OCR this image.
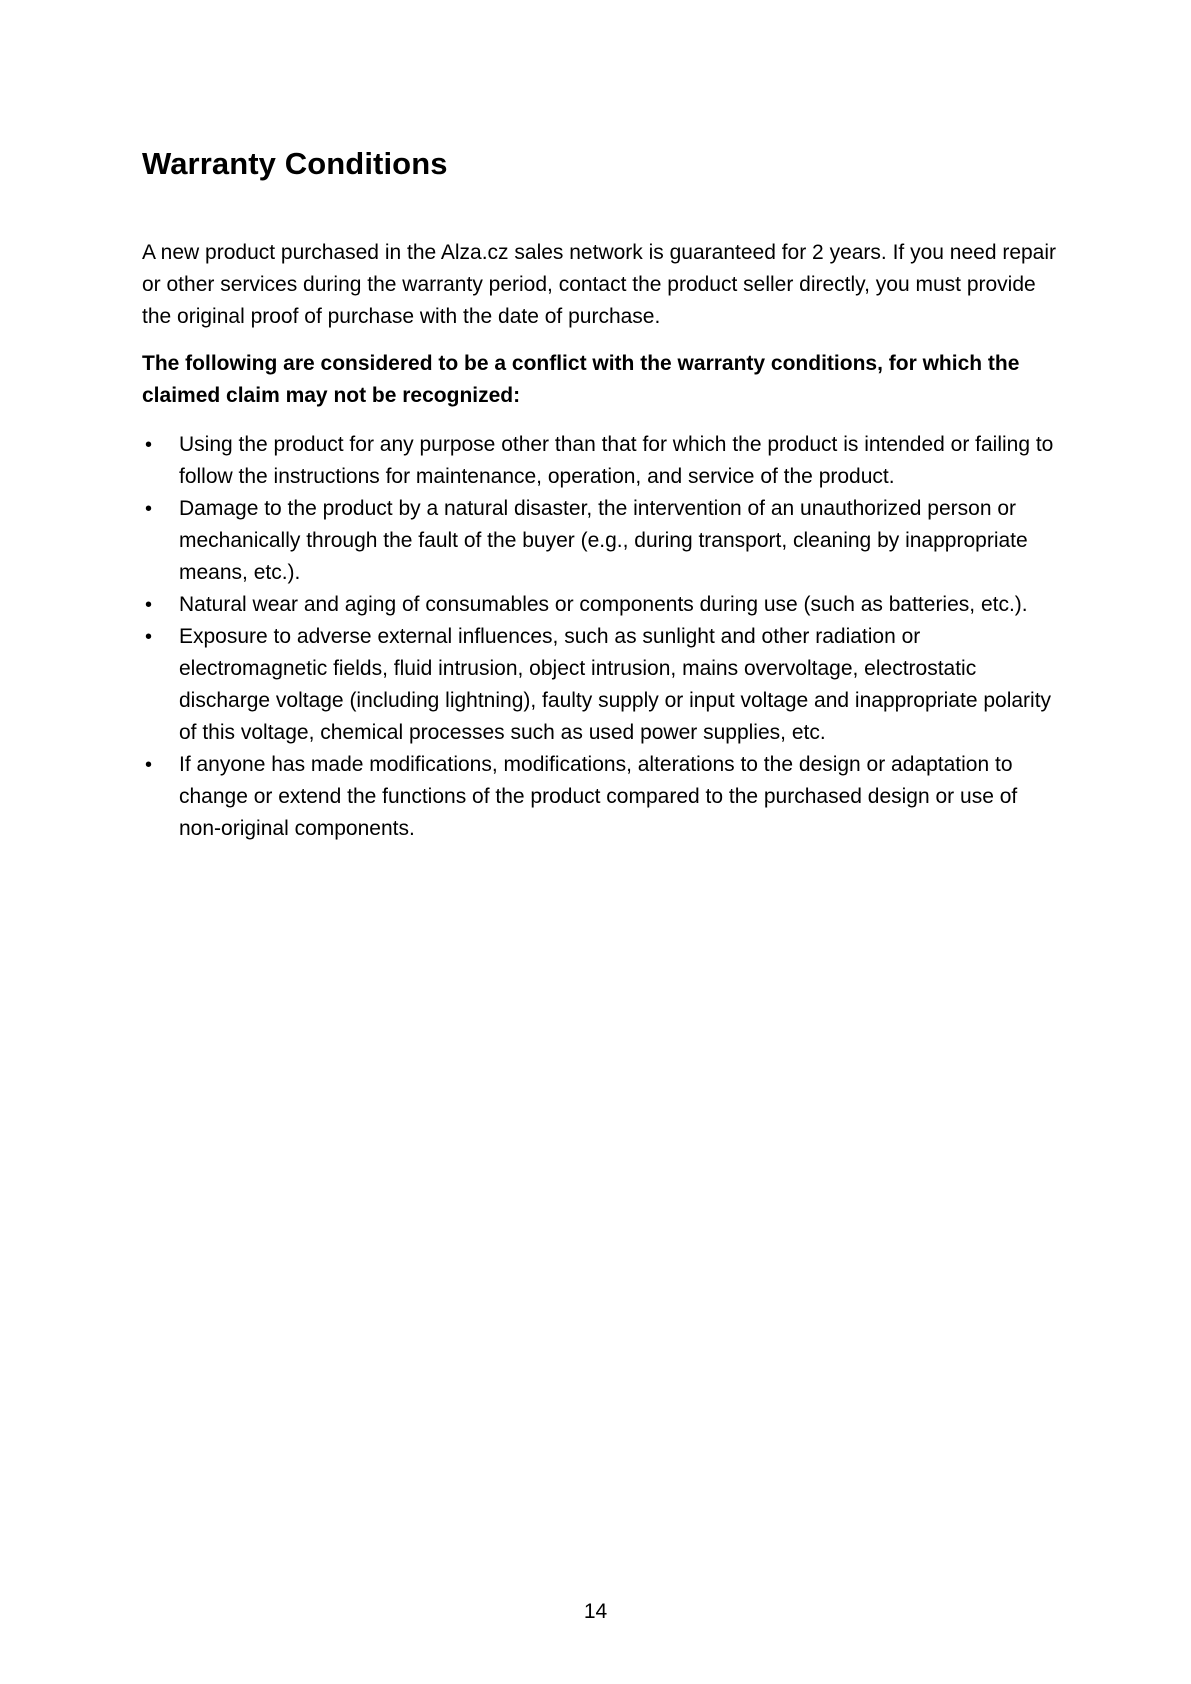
Warranty Conditions

A new product purchased in the Alza.cz sales network is guaranteed for 2 years. If you need repair or other services during the warranty period, contact the product seller directly, you must provide the original proof of purchase with the date of purchase.

The following are considered to be a conflict with the warranty conditions, for which the claimed claim may not be recognized:

•	Using the product for any purpose other than that for which the product is intended or failing to follow the instructions for maintenance, operation, and service of the product.
•	Damage to the product by a natural disaster, the intervention of an unauthorized person or mechanically through the fault of the buyer (e.g., during transport, cleaning by inappropriate means, etc.).
•	Natural wear and aging of consumables or components during use (such as batteries, etc.).
•	Exposure to adverse external influences, such as sunlight and other radiation or electromagnetic fields, fluid intrusion, object intrusion, mains overvoltage, electrostatic discharge voltage (including lightning), faulty supply or input voltage and inappropriate polarity of this voltage, chemical processes such as used power supplies, etc.
•	If anyone has made modifications, modifications, alterations to the design or adaptation to change or extend the functions of the product compared to the purchased design or use of non-original components.
14
